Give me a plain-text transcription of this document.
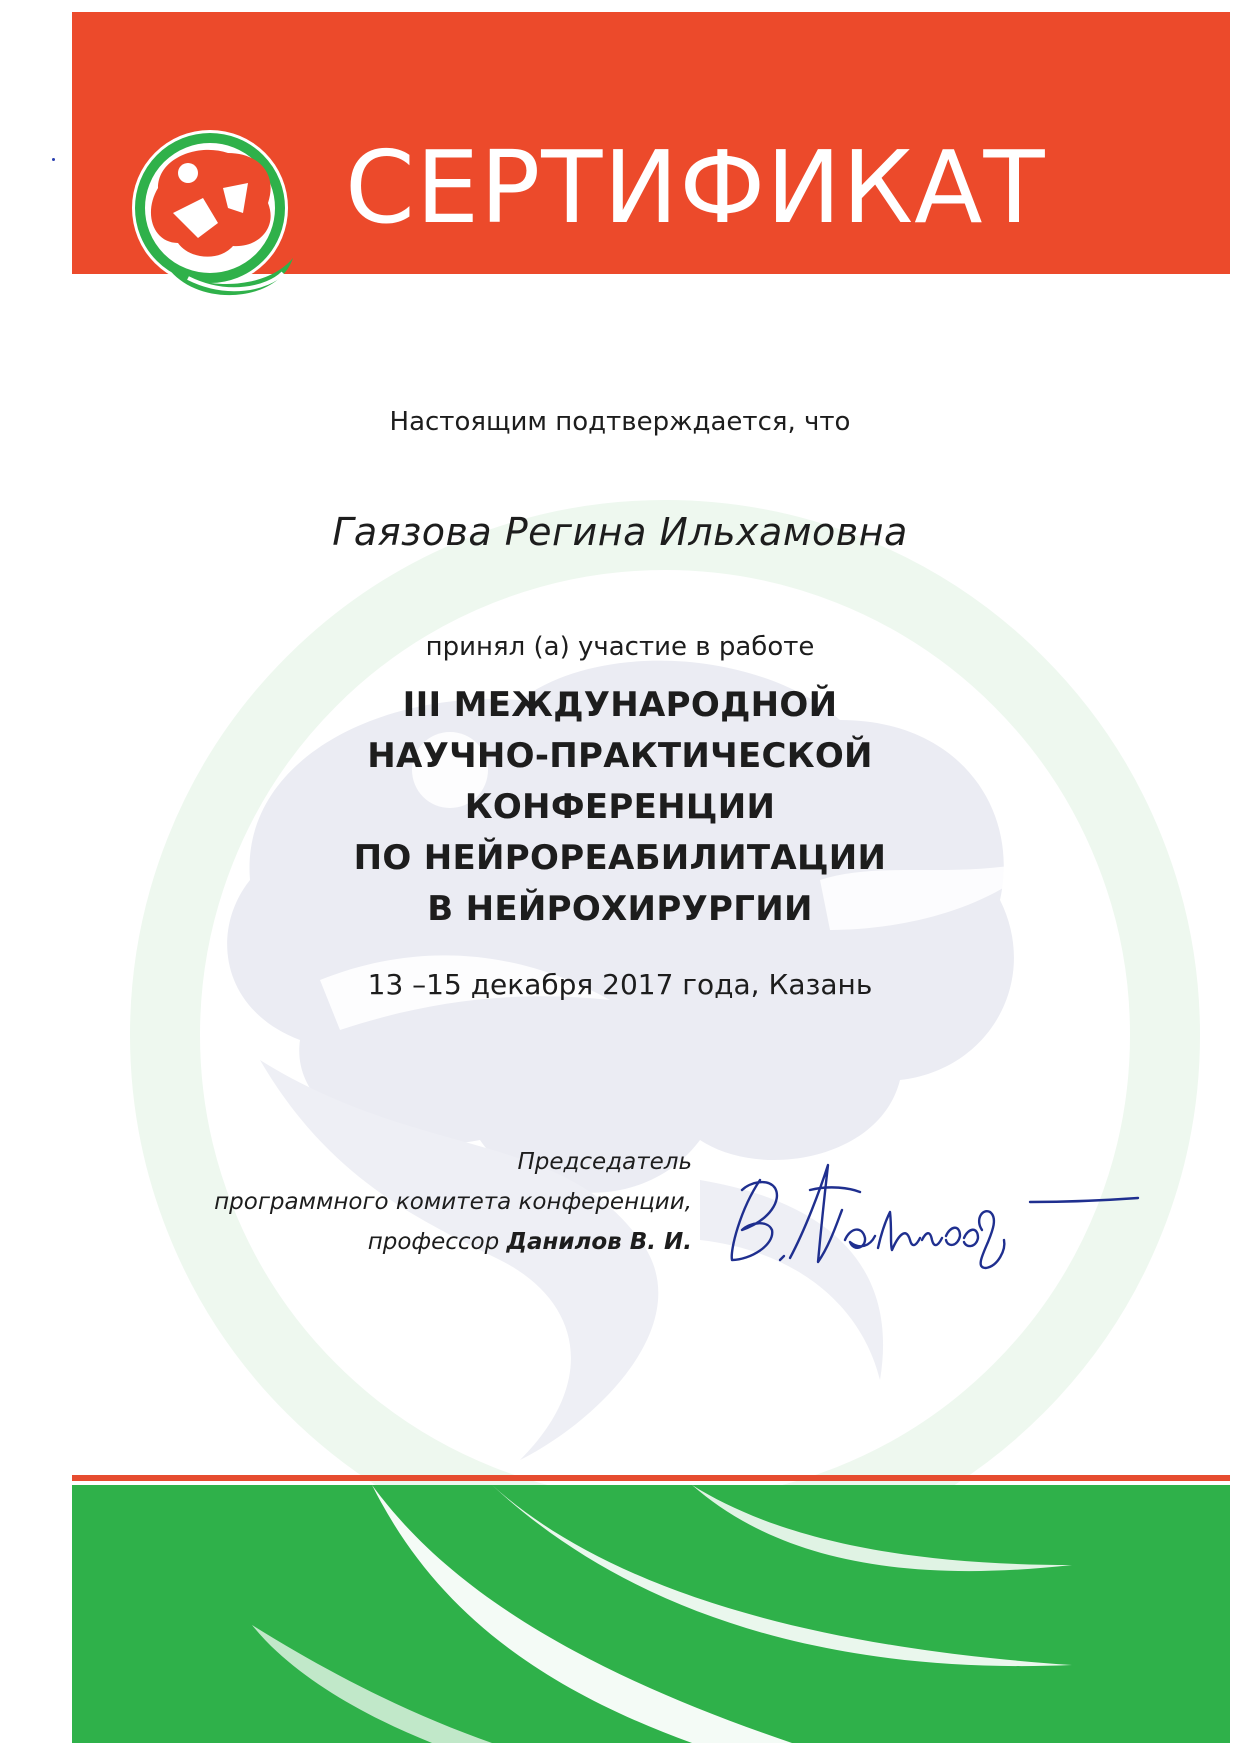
СЕРТИФИКАТ
Настоящим подтверждается, что
Гаязова Регина Ильхамовна
принял (а) участие в работе
III МЕЖДУНАРОДНОЙ
НАУЧНО-ПРАКТИЧЕСКОЙ
КОНФЕРЕНЦИИ
ПО НЕЙРОРЕАБИЛИТАЦИИ
В НЕЙРОХИРУРГИИ
13 –15 декабря 2017 года, Казань
Председатель
программного комитета конференции,
профессор Данилов В. И.
